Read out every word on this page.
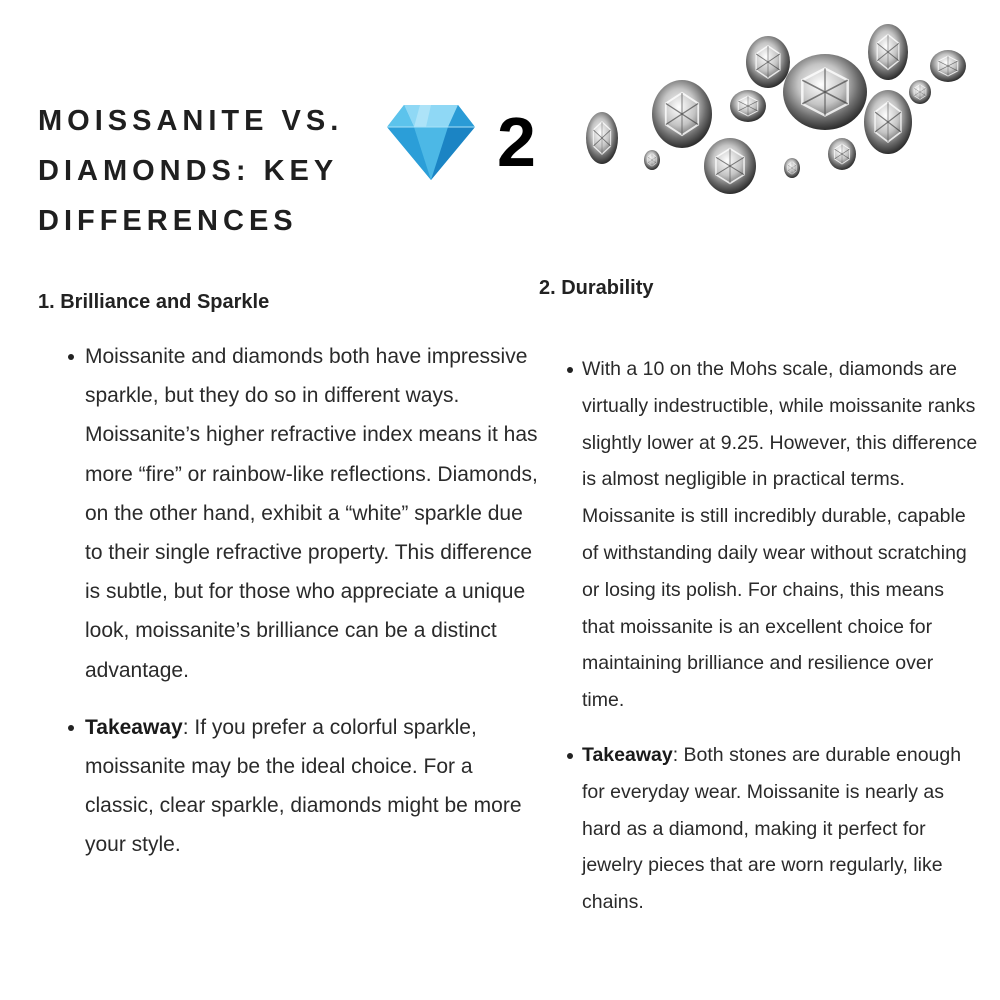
MOISSANITE VS. DIAMONDS: KEY DIFFERENCES
2
1. Brilliance and Sparkle
Moissanite and diamonds both have impressive sparkle, but they do so in different ways. Moissanite’s higher refractive index means it has more “fire” or rainbow-like reflections. Diamonds, on the other hand, exhibit a “white” sparkle due to their single refractive property. This difference is subtle, but for those who appreciate a unique look, moissanite’s brilliance can be a distinct advantage.
Takeaway: If you prefer a colorful sparkle, moissanite may be the ideal choice. For a classic, clear sparkle, diamonds might be more your style.
2. Durability
With a 10 on the Mohs scale, diamonds are virtually indestructible, while moissanite ranks slightly lower at 9.25. However, this difference is almost negligible in practical terms. Moissanite is still incredibly durable, capable of withstanding daily wear without scratching or losing its polish. For chains, this means that moissanite is an excellent choice for maintaining brilliance and resilience over time.
Takeaway: Both stones are durable enough for everyday wear. Moissanite is nearly as hard as a diamond, making it perfect for jewelry pieces that are worn regularly, like chains.
